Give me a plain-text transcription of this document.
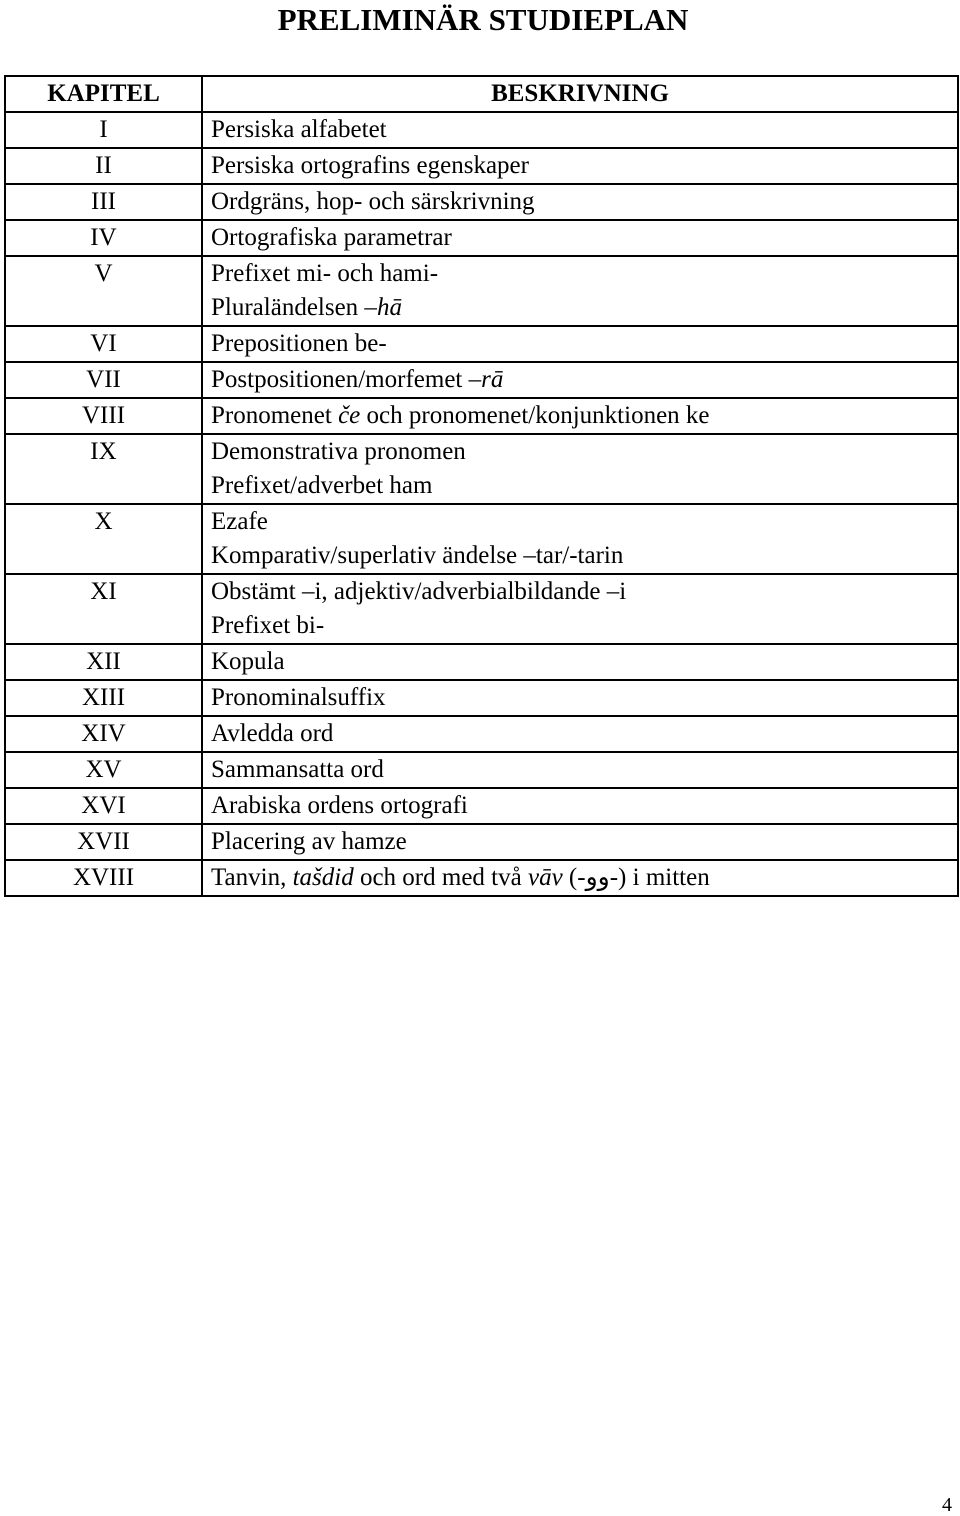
PRELIMINÄR STUDIEPLAN
KAPITEL	BESKRIVNING
I	Persiska alfabetet

II	Persiska ortografins egenskaper

III	Ordgräns, hop- och särskrivning

IV	Ortografiska parametrar

V	Prefixet mi- och hami-
Pluraländelsen –hā

VI	Prepositionen be-

VII	Postpositionen/morfemet –rā

VIII	Pronomenet če och pronomenet/konjunktionen ke

IX	Demonstrativa pronomen
Prefixet/adverbet ham

X	Ezafe
Komparativ/superlativ ändelse –tar/-tarin

XI	Obstämt –i, adjektiv/adverbialbildande –i
Prefixet bi-

XII	Kopula

XIII	Pronominalsuffix

XIV	Avledda ord

XV	Sammansatta ord

XVI	Arabiska ordens ortografi

XVII	Placering av hamze

XVIII	Tanvin, tašdid och ord med två vāv (-وو-) i mitten
4
